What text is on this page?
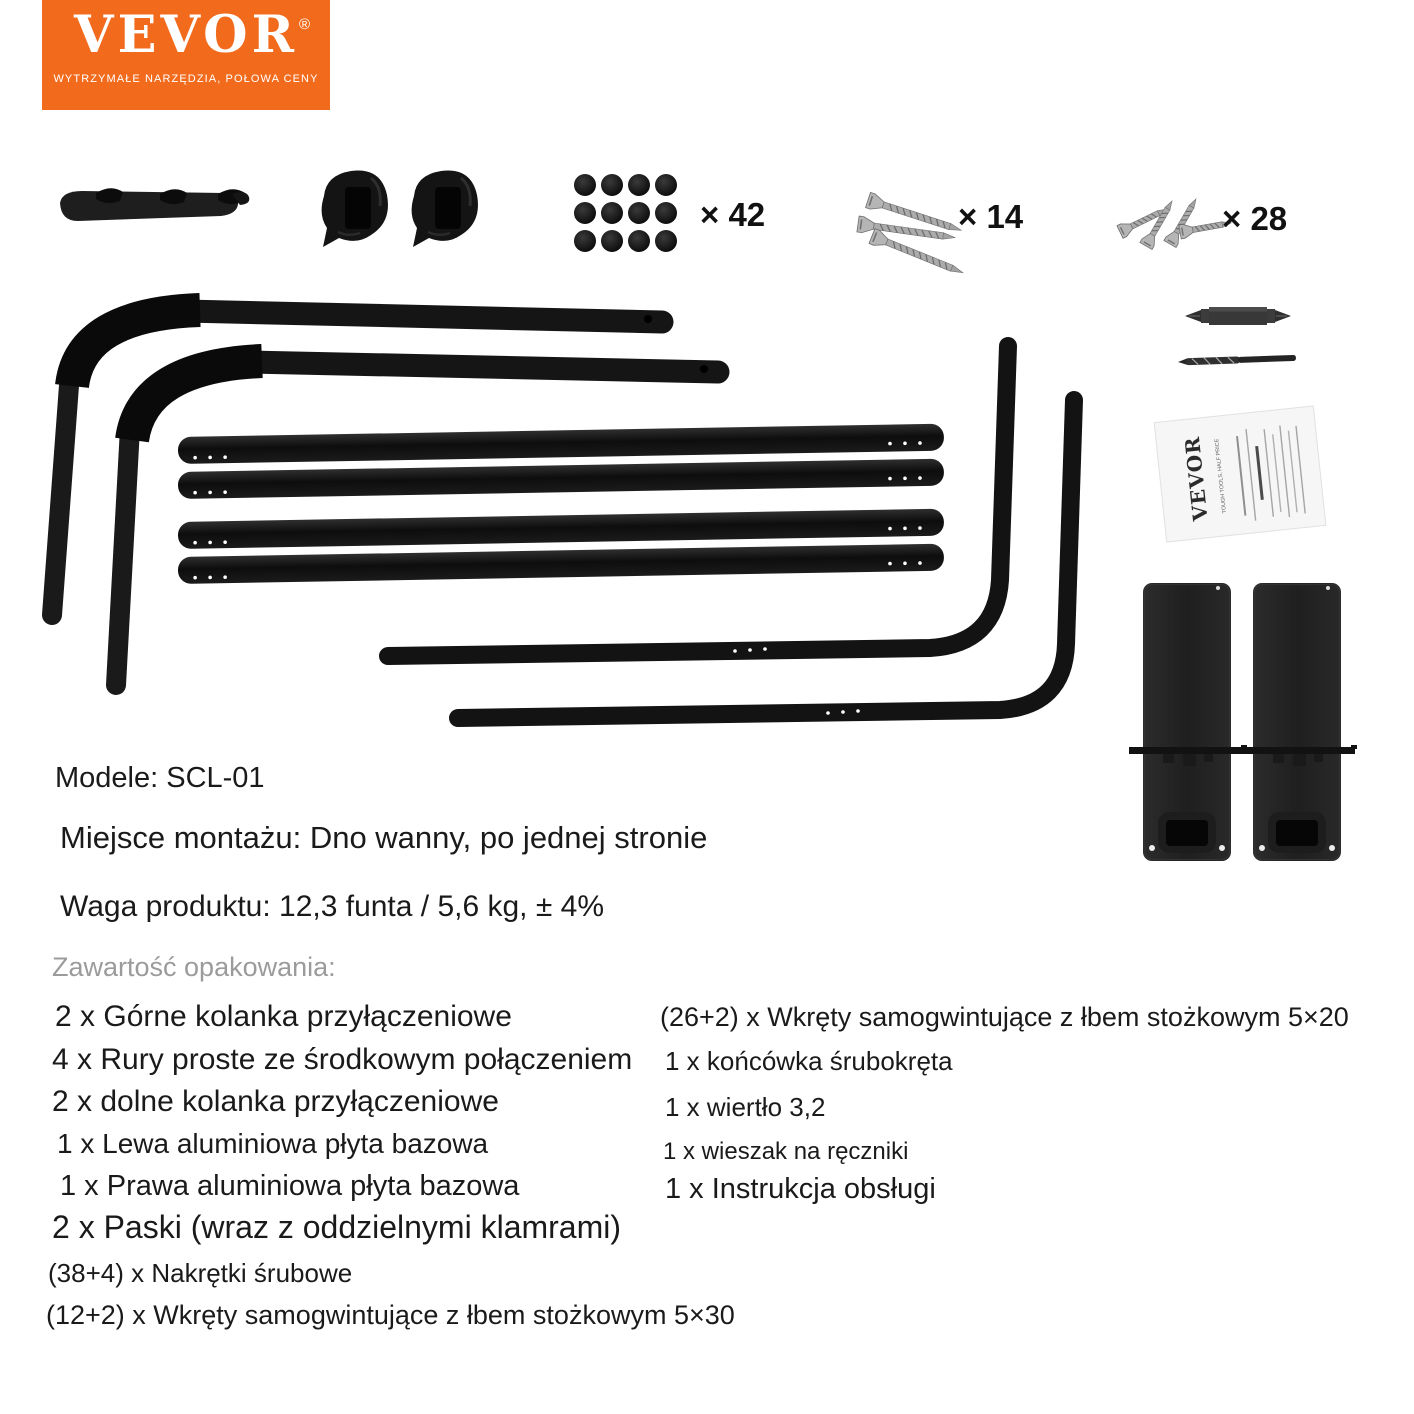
VEVOR ®
WYTRZYMAŁE NARZĘDZIA, POŁOWA CENY
VEVOR TOUGH TOOLS, HALF PRICE
× 42	× 14	× 28
Modele: SCL-01
Miejsce montażu: Dno wanny, po jednej stronie
Waga produktu: 12,3 funta / 5,6 kg, ± 4%
Zawartość opakowania:
2 x Górne kolanka przyłączeniowe
4 x Rury proste ze środkowym połączeniem
2 x dolne kolanka przyłączeniowe
1 x Lewa aluminiowa płyta bazowa
1 x Prawa aluminiowa płyta bazowa
2 x Paski (wraz z oddzielnymi klamrami)
(38+4) x Nakrętki śrubowe
(12+2) x Wkręty samogwintujące z łbem stożkowym 5×30
(26+2) x Wkręty samogwintujące z łbem stożkowym 5×20
1 x końcówka śrubokręta
1 x wiertło 3,2
1 x wieszak na ręczniki
1 x Instrukcja obsługi
